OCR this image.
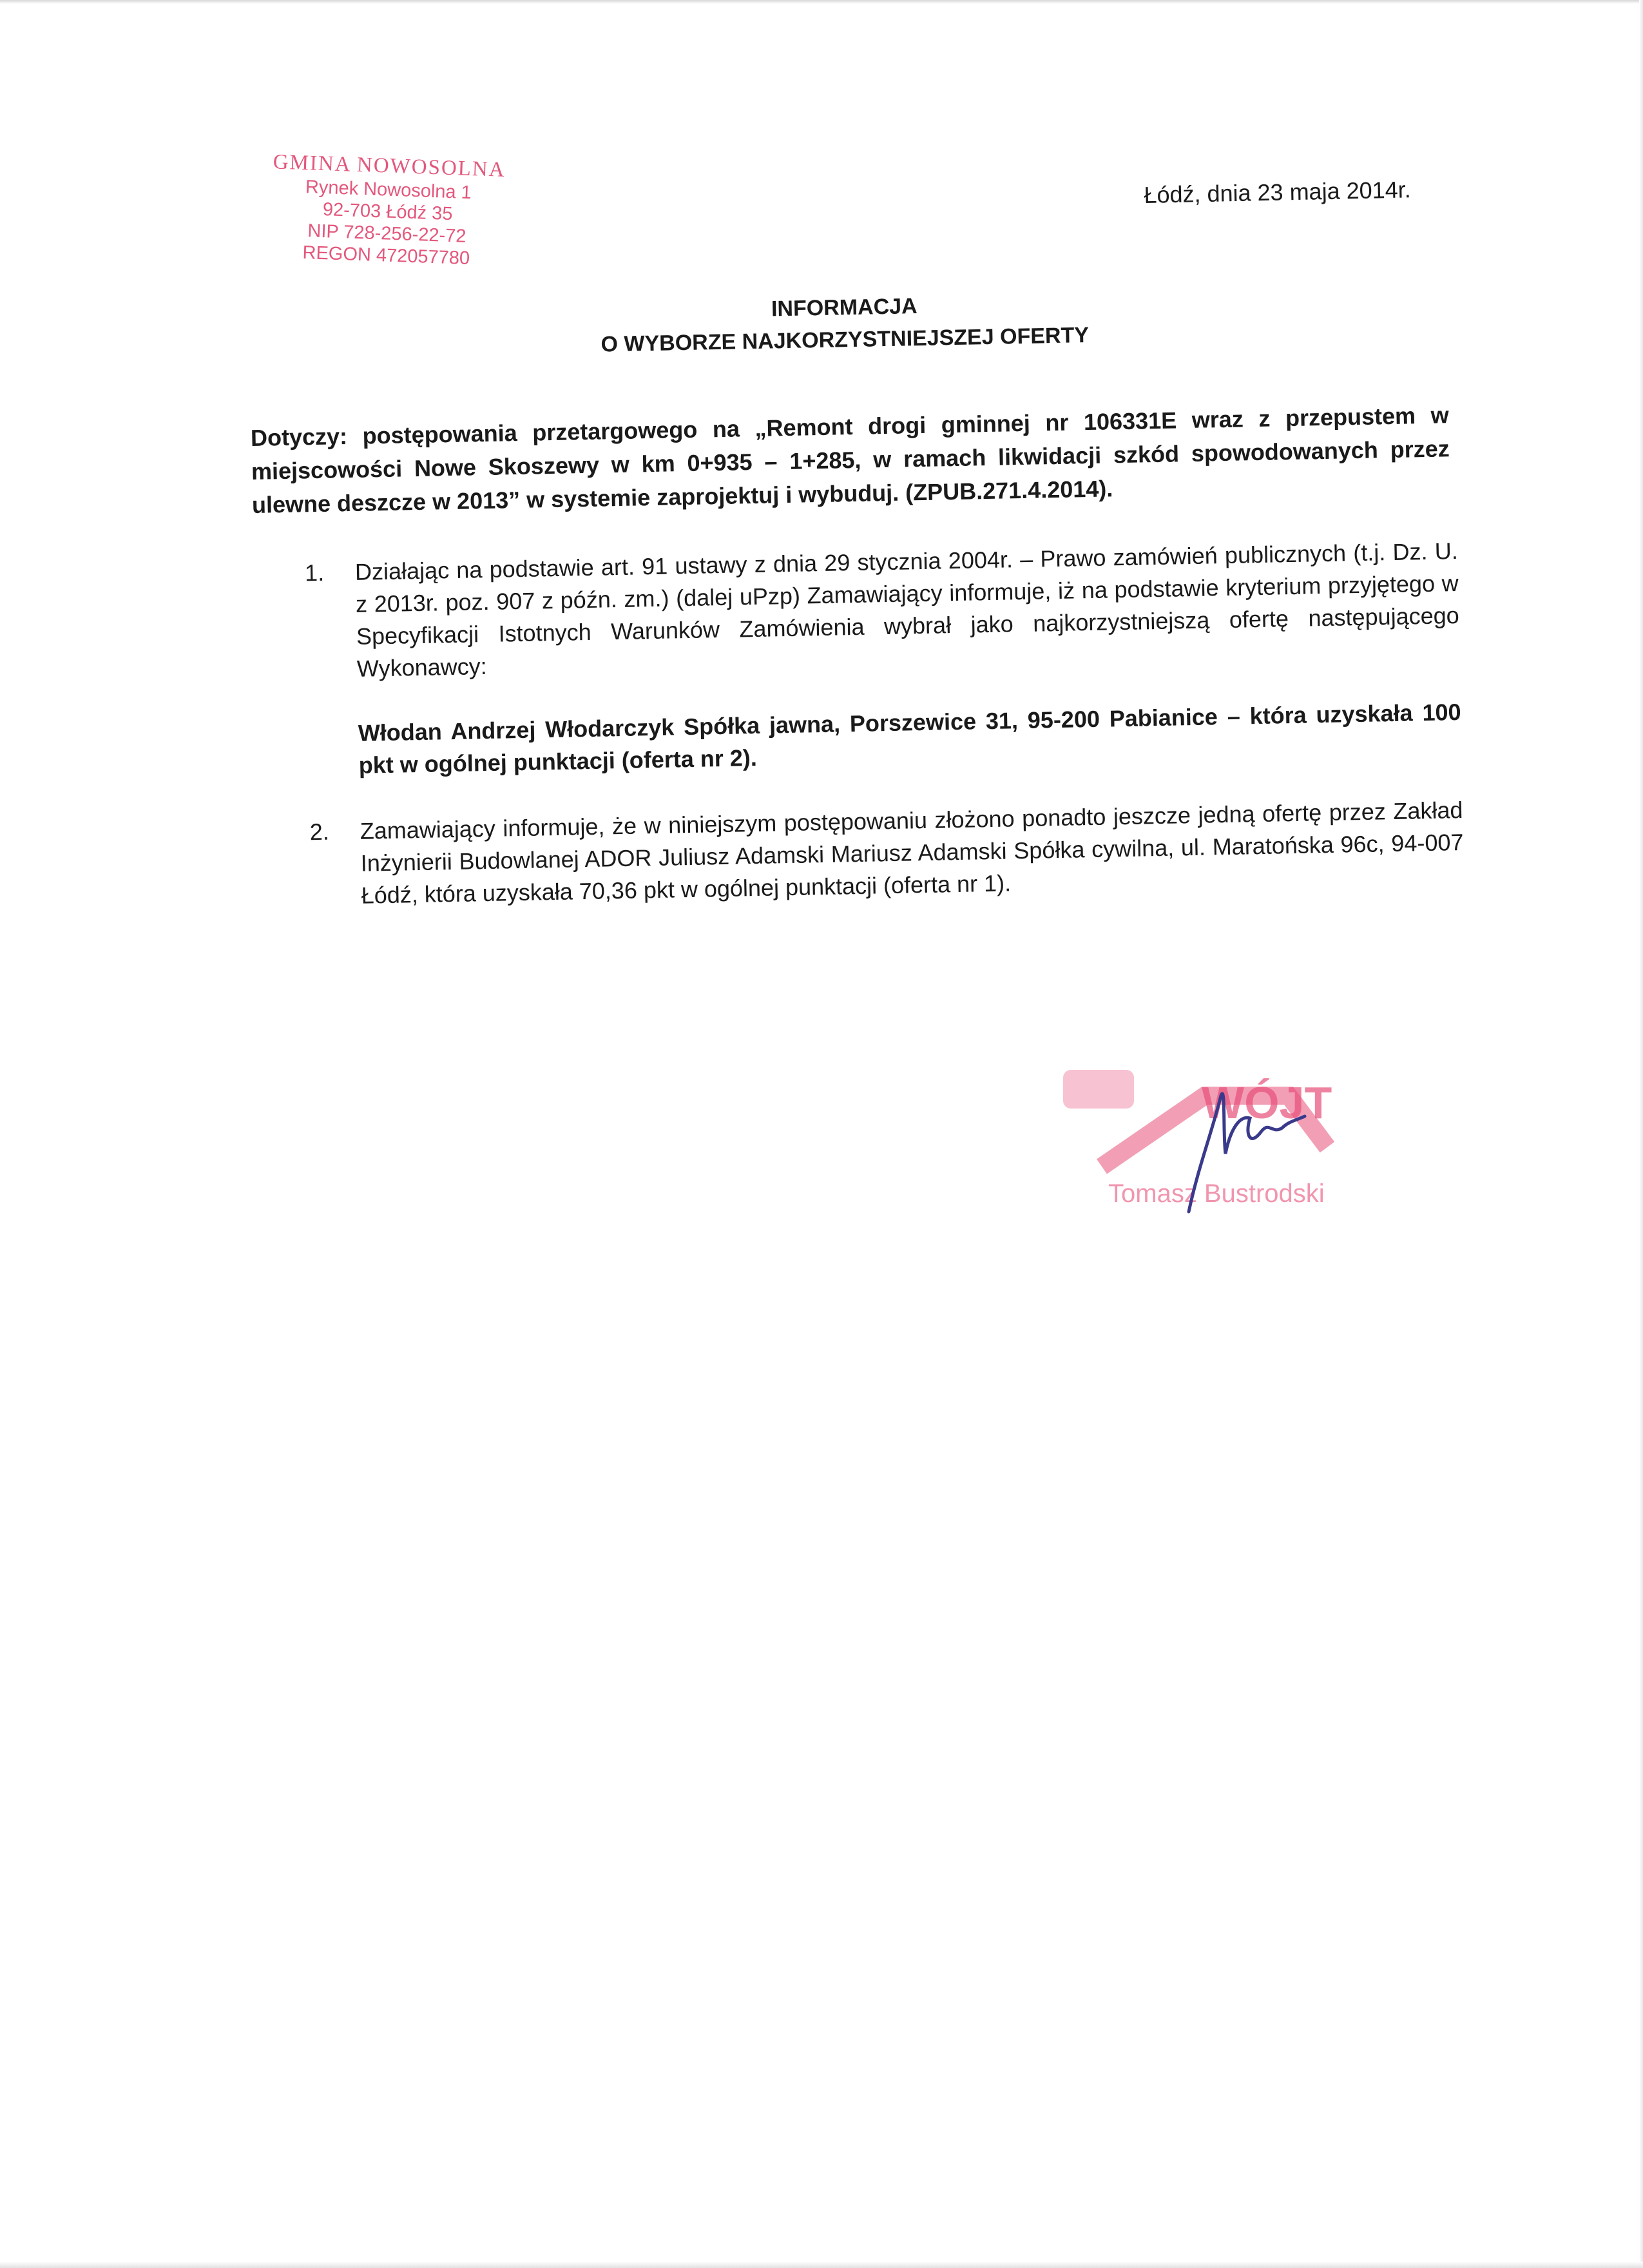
GMINA NOWOSOLNA
Rynek Nowosolna 1
92-703 Łódź 35
NIP 728-256-22-72
REGON 472057780
Łódź, dnia 23 maja 2014r.
INFORMACJA
O WYBORZE NAJKORZYSTNIEJSZEJ OFERTY
Dotyczy: postępowania przetargowego na „Remont drogi gminnej nr 106331E wraz z przepustem w miejscowości Nowe Skoszewy w km 0+935 – 1+285, w ramach likwidacji szkód spowodowanych przez ulewne deszcze w 2013” w systemie zaprojektuj i wybuduj. (ZPUB.271.4.2014).
1.	Działając na podstawie art. 91 ustawy z dnia 29 stycznia 2004r. – Prawo zamówień publicznych (t.j. Dz. U. z 2013r. poz. 907 z późn. zm.) (dalej uPzp) Zamawiający informuje, iż na podstawie kryterium przyjętego w Specyfikacji Istotnych Warunków Zamówienia wybrał jako najkorzystniejszą ofertę następującego Wykonawcy:
Włodan Andrzej Włodarczyk Spółka jawna, Porszewice 31, 95-200 Pabianice – która uzyskała 100 pkt w ogólnej punktacji (oferta nr 2).
2.	Zamawiający informuje, że w niniejszym postępowaniu złożono ponadto jeszcze jedną ofertę przez Zakład Inżynierii Budowlanej ADOR Juliusz Adamski Mariusz Adamski Spółka cywilna, ul. Maratońska 96c, 94-007 Łódź, która uzyskała 70,36 pkt w ogólnej punktacji (oferta nr 1).
WÓJT
Tomasz Bustrodski
